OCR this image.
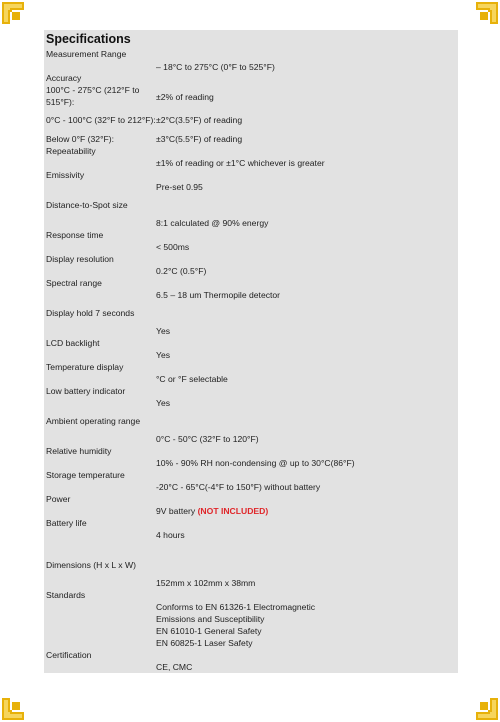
Specifications
Measurement Range
– 18°C to 275°C (0°F to 525°F)
Accuracy
100°C - 275°C (212°F to
515°F):	±2% of reading
0°C - 100°C (32°F to 212°F): ±2°C(3.5°F) of reading
Below 0°F (32°F):	±3°C(5.5°F) of reading
Repeatability
±1% of reading or ±1°C whichever is greater
Emissivity
Pre-set 0.95
Distance-to-Spot size
8:1 calculated @ 90% energy
Response time
< 500ms
Display resolution
0.2°C (0.5°F)
Spectral range
6.5 – 18 um Thermopile detector
Display hold 7 seconds
Yes
LCD backlight
Yes
Temperature display
°C or °F selectable
Low battery indicator
Yes
Ambient operating range
0°C - 50°C (32°F to 120°F)
Relative humidity
10% - 90% RH non-condensing @ up to 30°C(86°F)
Storage temperature
-20°C - 65°C(-4°F to 150°F) without battery
Power
9V battery (NOT INCLUDED)
Battery life
4 hours
Dimensions (H x L x W)
152mm x 102mm x 38mm
Standards
Conforms to EN 61326-1 Electromagnetic
Emissions and Susceptibility
EN 61010-1 General Safety
EN 60825-1 Laser Safety
Certification
CE, CMC
